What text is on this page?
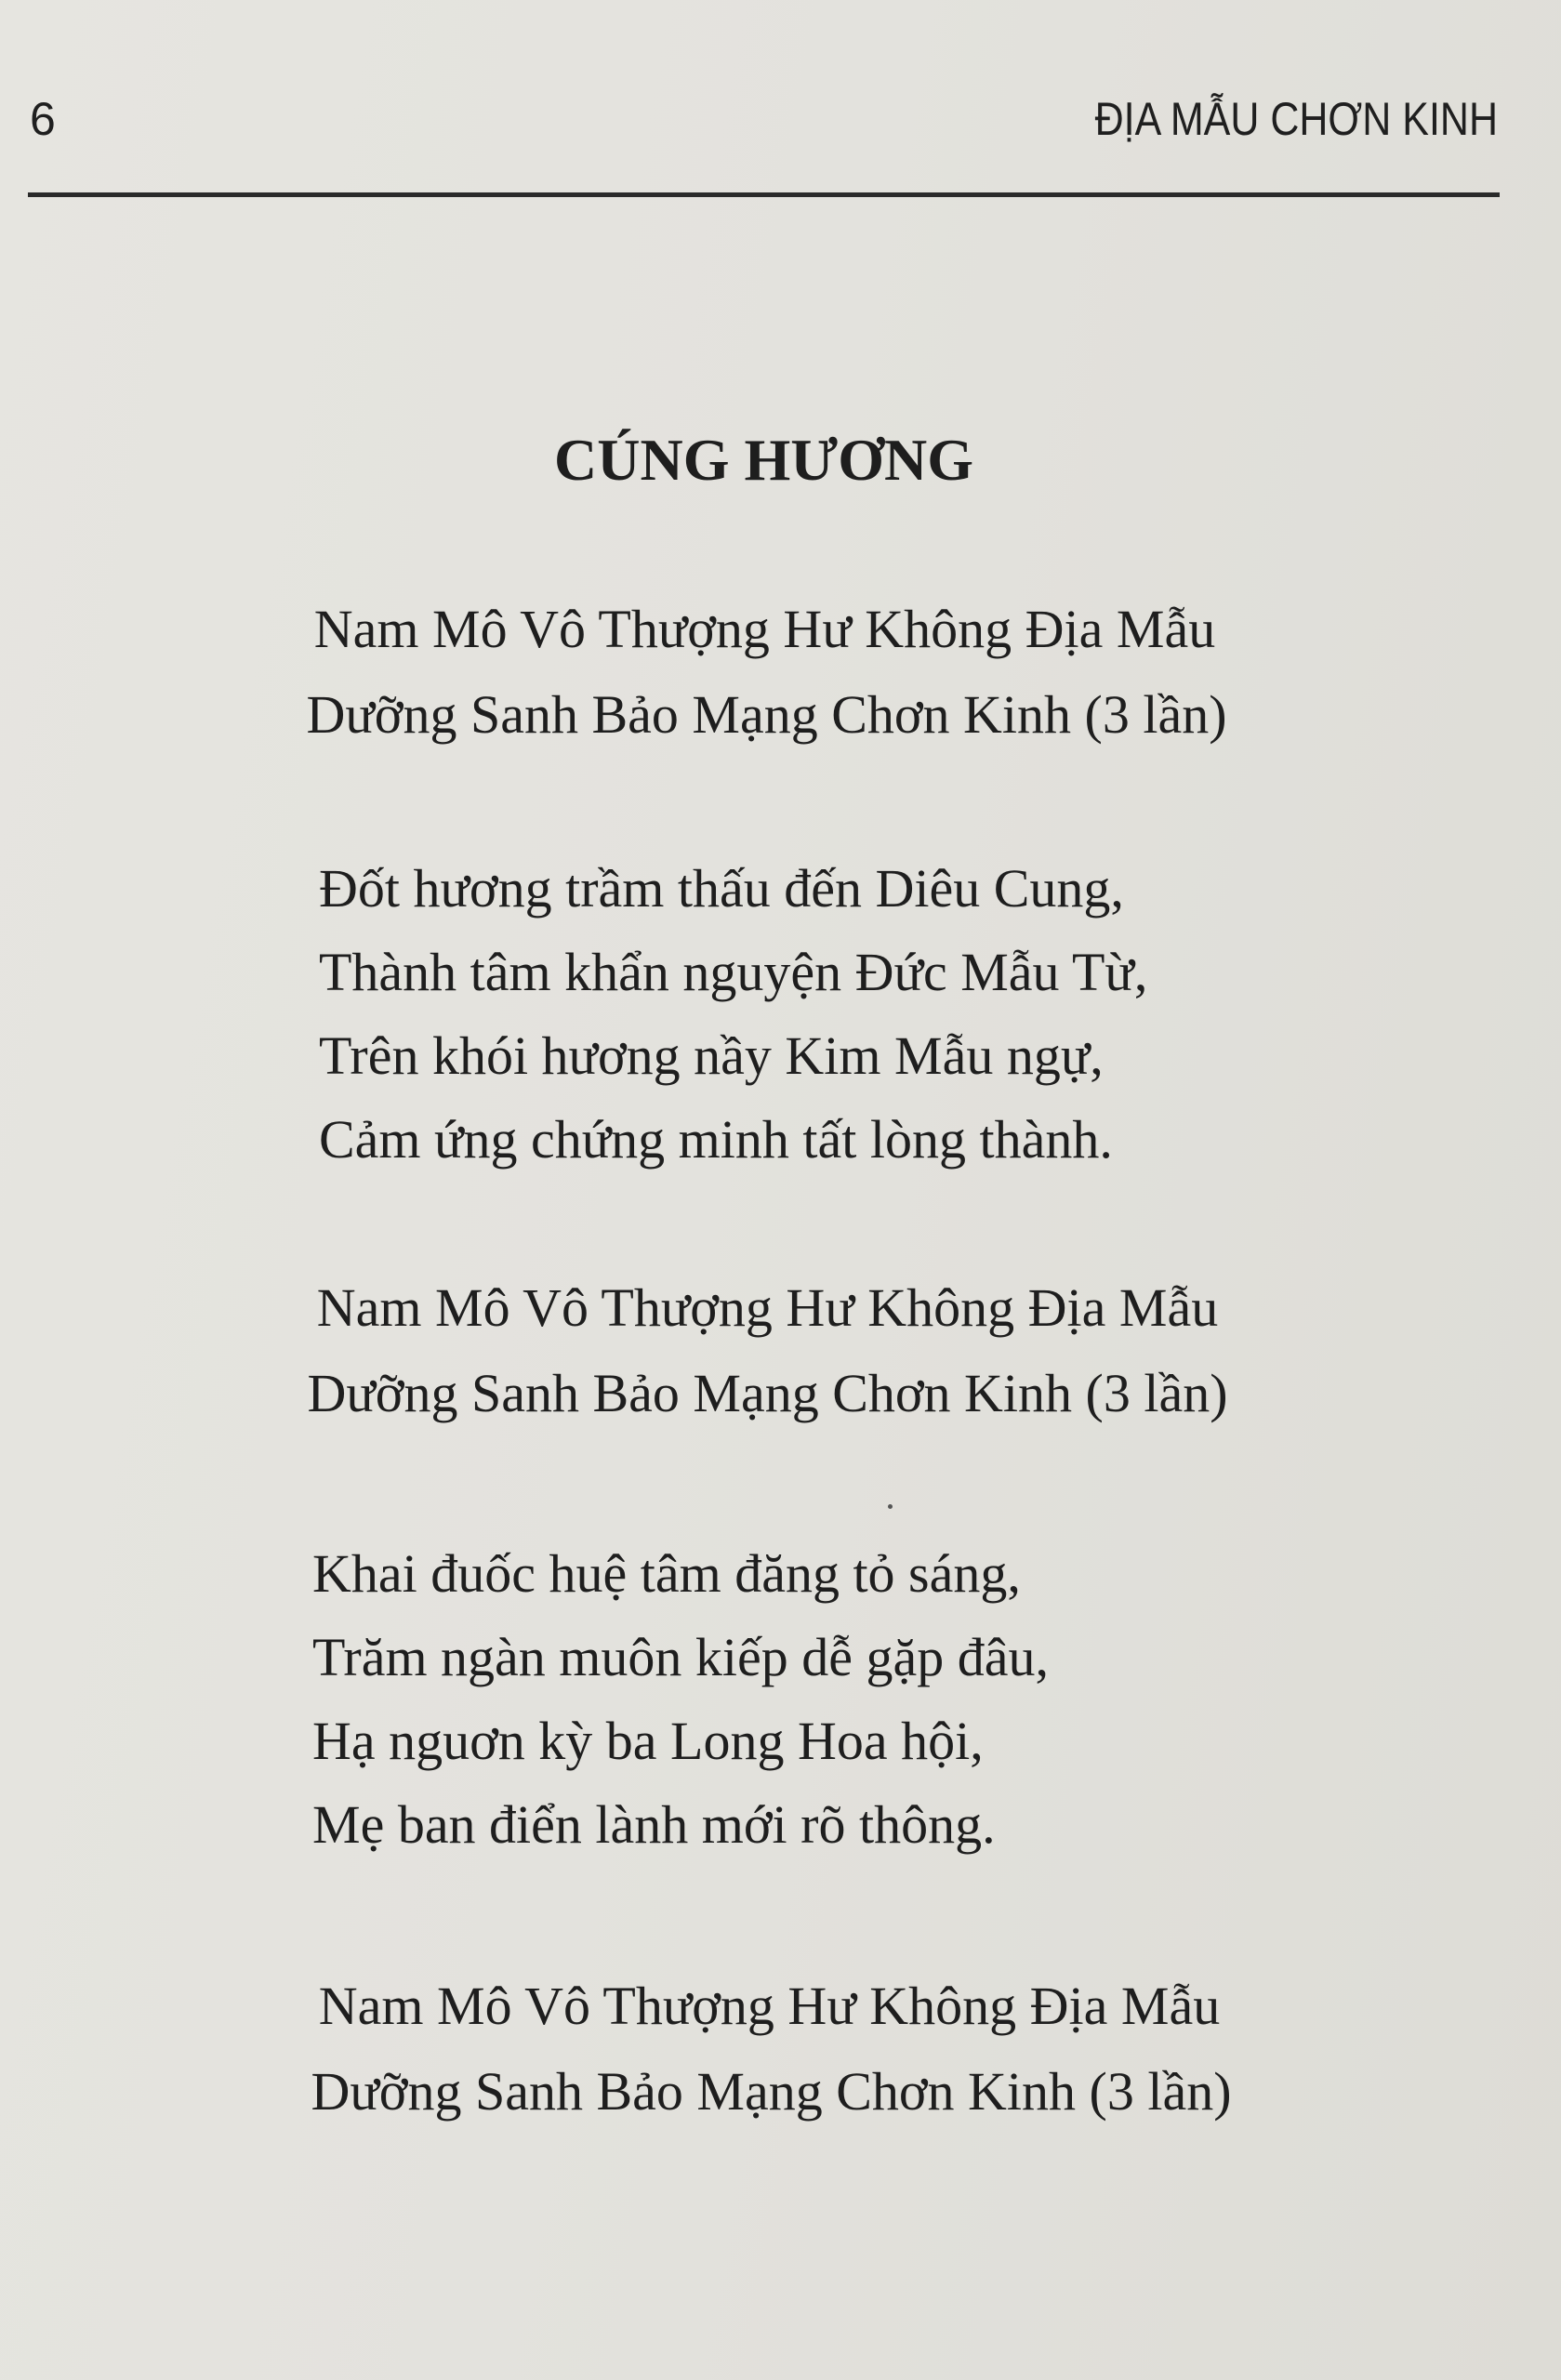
6	ĐỊA MẪU CHƠN KINH
CÚNG HƯƠNG
Nam Mô Vô Thượng Hư Không Địa Mẫu
Dưỡng Sanh Bảo Mạng Chơn Kinh (3 lần)
Đốt hương trầm thấu đến Diêu Cung,
Thành tâm khẩn nguyện Đức Mẫu Từ,
Trên khói hương nầy Kim Mẫu ngự,
Cảm ứng chứng minh tất lòng thành.
Nam Mô Vô Thượng Hư Không Địa Mẫu
Dưỡng Sanh Bảo Mạng Chơn Kinh (3 lần)
Khai đuốc huệ tâm đăng tỏ sáng,
Trăm ngàn muôn kiếp dễ gặp đâu,
Hạ nguơn kỳ ba Long Hoa hội,
Mẹ ban điển lành mới rõ thông.
Nam Mô Vô Thượng Hư Không Địa Mẫu
Dưỡng Sanh Bảo Mạng Chơn Kinh (3 lần)
